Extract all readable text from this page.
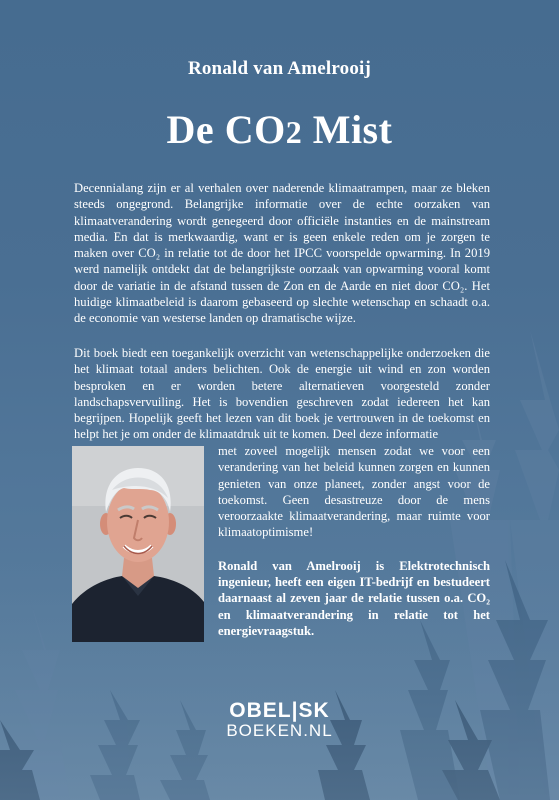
Ronald van Amelrooij
De CO2 Mist

Decennialang zijn er al verhalen over naderende klimaatrampen, maar ze bleken steeds ongegrond. Belangrijke informatie over de echte oorzaken van klimaatverandering wordt genegeerd door officiële instanties en de mainstream media. En dat is merkwaardig, want er is geen enkele reden om je zorgen te maken over CO₂ in relatie tot de door het IPCC voorspelde opwarming. In 2019 werd namelijk ontdekt dat de belangrijkste oorzaak van opwarming vooral komt door de variatie in de afstand tussen de Zon en de Aarde en niet door CO₂. Het huidige klimaatbeleid is daarom gebaseerd op slechte wetenschap en schaadt o.a. de economie van westerse landen op dramatische wijze.

Dit boek biedt een toegankelijk overzicht van wetenschappelijke onderzoeken die het klimaat totaal anders belichten. Ook de energie uit wind en zon worden besproken en er worden betere alternatieven voorgesteld zonder landschapsvervuiling. Het is bovendien geschreven zodat iedereen het kan begrijpen. Hopelijk geeft het lezen van dit boek je vertrouwen in de toekomst en helpt het je om onder de klimaatdruk uit te komen. Deel deze informatie

met zoveel mogelijk mensen zodat we voor een verandering van het beleid kunnen zorgen en kunnen genieten van onze planeet, zonder angst voor de toekomst. Geen desastreuze door de mens veroorzaakte klimaatverandering, maar ruimte voor klimaatoptimisme!

Ronald van Amelrooij is Elektrotechnisch ingenieur, heeft een eigen IT-bedrijf en bestudeert daarnaast al zeven jaar de relatie tussen o.a. CO₂ en klimaatverandering in relatie tot het energievraagstuk.

OBEL|SK
BOEKEN.NL
